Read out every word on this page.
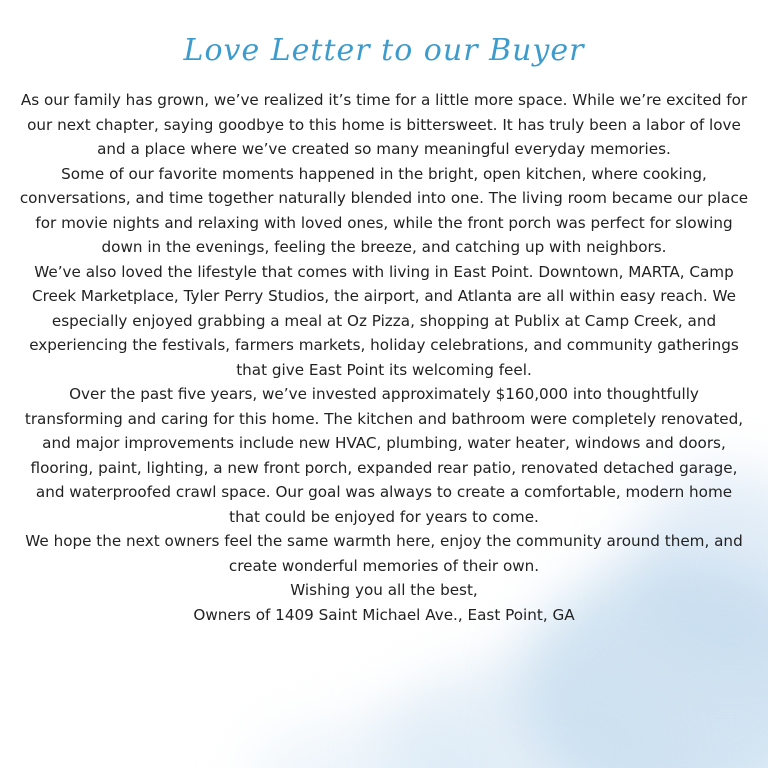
Love Letter to our Buyer

As our family has grown, we’ve realized it’s time for a little more space. While we’re excited for our next chapter, saying goodbye to this home is bittersweet. It has truly been a labor of love and a place where we’ve created so many meaningful everyday memories.

Some of our favorite moments happened in the bright, open kitchen, where cooking, conversations, and time together naturally blended into one. The living room became our place for movie nights and relaxing with loved ones, while the front porch was perfect for slowing down in the evenings, feeling the breeze, and catching up with neighbors.

We’ve also loved the lifestyle that comes with living in East Point. Downtown, MARTA, Camp Creek Marketplace, Tyler Perry Studios, the airport, and Atlanta are all within easy reach. We especially enjoyed grabbing a meal at Oz Pizza, shopping at Publix at Camp Creek, and experiencing the festivals, farmers markets, holiday celebrations, and community gatherings that give East Point its welcoming feel.

Over the past five years, we’ve invested approximately $160,000 into thoughtfully transforming and caring for this home. The kitchen and bathroom were completely renovated, and major improvements include new HVAC, plumbing, water heater, windows and doors, flooring, paint, lighting, a new front porch, expanded rear patio, renovated detached garage, and waterproofed crawl space. Our goal was always to create a comfortable, modern home that could be enjoyed for years to come.

We hope the next owners feel the same warmth here, enjoy the community around them, and create wonderful memories of their own.

Wishing you all the best,

Owners of 1409 Saint Michael Ave., East Point, GA
